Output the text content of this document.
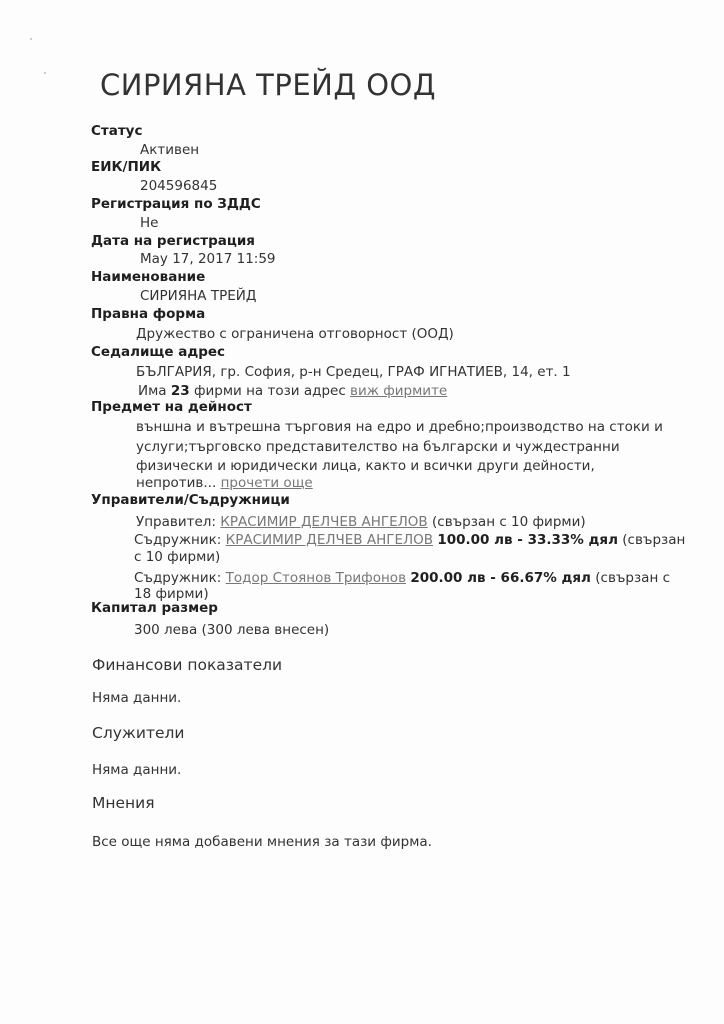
СИРИЯНА ТРЕЙД ООД
Статус
Активен
ЕИК/ПИК
204596845
Регистрация по ЗДДС
Не
Дата на регистрация
May 17, 2017 11:59
Наименование
СИРИЯНА ТРЕЙД
Правна форма
Дружество с ограничена отговорност (ООД)
Седалище адрес
БЪЛГАРИЯ, гр. София, р-н Средец, ГРАФ ИГНАТИЕВ, 14, ет. 1
Има 23 фирми на този адрес виж фирмите
Предмет на дейност
външна и вътрешна търговия на едро и дребно;производство на стоки и
услуги;търговско представителство на български и чуждестранни
физически и юридически лица, както и всички други дейности,
непротив... прочети още
Управители/Съдружници
Управител: КРАСИМИР ДЕЛЧЕВ АНГЕЛОВ (свързан с 10 фирми)
Съдружник: КРАСИМИР ДЕЛЧЕВ АНГЕЛОВ 100.00 лв - 33.33% дял (свързан
с 10 фирми)
Съдружник: Тодор Стоянов Трифонов 200.00 лв - 66.67% дял (свързан с
18 фирми)
Капитал размер
300 лева (300 лева внесен)
Финансови показатели
Няма данни.
Служители
Няма данни.
Мнения
Все още няма добавени мнения за тази фирма.
